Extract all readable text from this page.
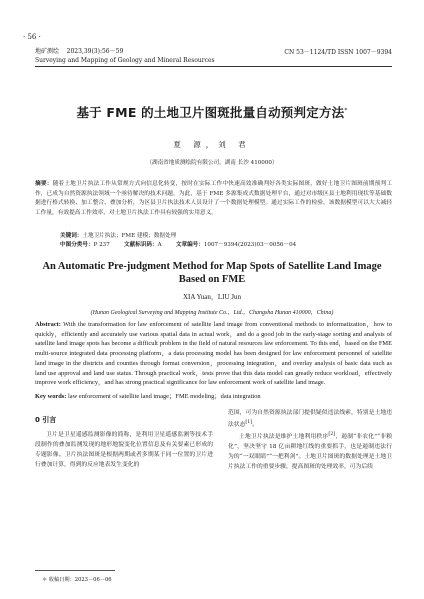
· 56 ·
地矿测绘 2023,39(3):56－59
Surveying and Mapping of Geology and Mineral Resources
CN 53－1124/TD ISSN 1007－9394
基于 FME 的土地卫片图斑批量自动预判定方法*
夏 源，刘 君
（湖南省地质测绘院有限公司，湖南 长沙 410000）
摘要：随着土地卫片执法工作从常规方式向信息化转变，按时在实际工作中快速高效准确判好各类实际图斑，做好土地卫片图斑前期预判工作，已成为自然资源执法领域一个亟待解决的技术问题。为此，基于 FME 多源集成式数据处理平台，通过对市级区县土地利用现状等基础数据进行格式转换、加工整合、叠加分析，为区县卫片执法技术人员设计了一个数据处理模型。通过实际工作的检验，该数据模型可以大大减轻工作量，有效提高工作效率，对土地卫片执法工作具有较强的实用意义。
关键词：土地卫片执法；FME 建模；数据处理
中图分类号：P 237	文献标识码：A	文章编号：1007－9394(2023)03－0056－04
An Automatic Pre-judgment Method for Map Spots of Satellite Land Image Based on FME
XIA Yuan，LIU Jun
(Hunan Geological Surveying and Mapping Institute Co.，Ltd.，Changsha Hunan 410000，China)
Abstract: With the transformation for law enforcement of satellite land image from conventional methods to informatization，how to quickly，efficiently and accurately use various spatial data in actual work，and do a good job in the early-stage sorting and analysis of satellite land image spots has become a difficult problem in the field of natural resources law enforcement. To this end，based on the FME multi-source integrated data processing platform，a data processing model has been designed for law enforcement personnel of satellite land image in the districts and counties through format conversion，processing integration，and overlay analysis of basic data such as land use approval and land use status. Through practical work，tests prove that this data model can greatly reduce workload，effectively improve work efficiency，and has strong practical significance for law enforcement work of satellite land image.
Key words: law enforcement of satellite land image；FME modeling；data integration
0 引言
卫片是卫星遥感监测影像的简称，是利用卫星遥感监测等技术手段制作的叠加监测发现的地形地貌变化位置信息及有关要素已形成的专题影像。卫片执法图斑是根据两期或者多期某于同一位置的卫片进行叠加计算，得到的反应地表发生变化的
范围，可为自然资源执法部门提供疑似违法线索，特别是土地违法状态[1]。
土地卫片执法是维护土地利用秩序[2]，遏制“非农化”“非粮化”，坚决坚守 18 亿亩耕地红线的重要抓手，也是遏制违法行为的“一双眼睛”“一把利剑”。土地卫片图斑的数据处理是土地卫片执法工作的重要步骤，提高图斑的处理效率，可为后续
＊ 收稿日期：2023－06－06
